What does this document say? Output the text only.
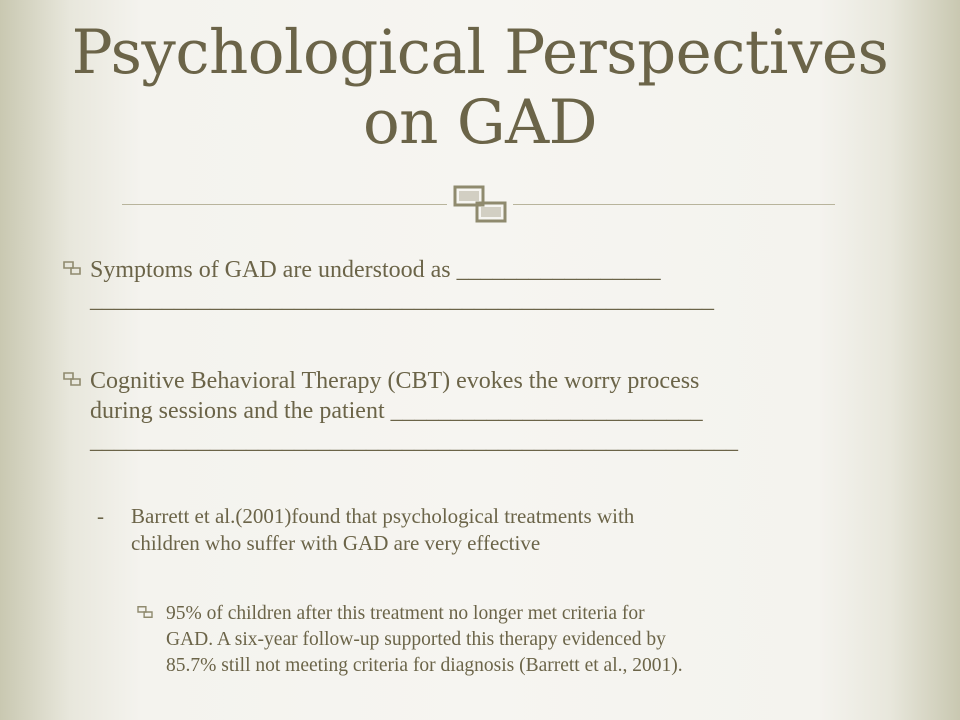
Psychological Perspectives
on GAD
Symptoms of GAD are understood as _________________
____________________________________________________
Cognitive Behavioral Therapy (CBT) evokes the worry process
during sessions and the patient __________________________
______________________________________________________
- Barrett et al.(2001)found that psychological treatments with
children who suffer with GAD are very effective
95% of children after this treatment no longer met criteria for
GAD. A six-year follow-up supported this therapy evidenced by
85.7% still not meeting criteria for diagnosis (Barrett et al., 2001).
